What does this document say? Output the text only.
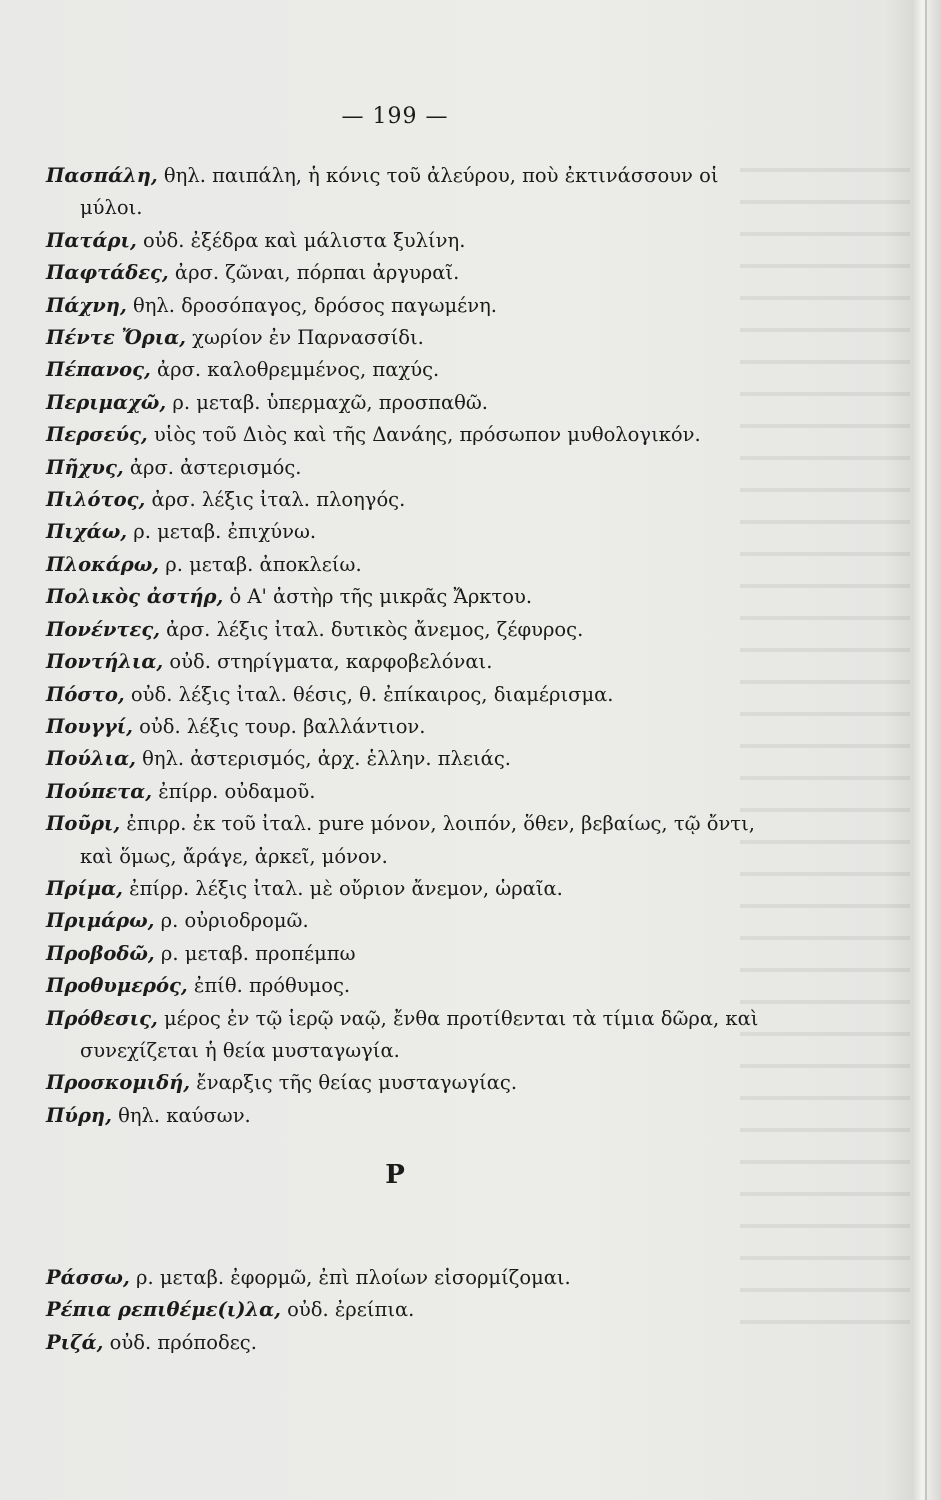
— 199 —

Πασπάλη, θηλ. παιπάλη, ἡ κόνις τοῦ ἀλεύρου, ποὺ ἐκτινάσσουν οἱ μύλοι.

Πατάρι, οὐδ. ἐξέδρα καὶ μάλιστα ξυλίνη.

Παφτάδες, ἀρσ. ζῶναι, πόρπαι ἀργυραῖ.

Πάχνη, θηλ. δροσόπαγος, δρόσος παγωμένη.

Πέντε Ὄρια, χωρίον ἐν Παρνασσίδι.

Πέπανος, ἀρσ. καλοθρεμμένος, παχύς.

Περιμαχῶ, ρ. μεταβ. ὑπερμαχῶ, προσπαθῶ.

Περσεύς, υἱὸς τοῦ Διὸς καὶ τῆς Δανάης, πρόσωπον μυθολογικόν.

Πῆχυς, ἀρσ. ἀστερισμός.

Πιλότος, ἀρσ. λέξις ἰταλ. πλοηγός.

Πιχάω, ρ. μεταβ. ἐπιχύνω.

Πλοκάρω, ρ. μεταβ. ἀποκλείω.

Πολικὸς ἀστήρ, ὁ Α' ἀστὴρ τῆς μικρᾶς Ἄρκτου.

Πονέντες, ἀρσ. λέξις ἰταλ. δυτικὸς ἄνεμος, ζέφυρος.

Ποντήλια, οὐδ. στηρίγματα, καρφοβελόναι.

Πόστο, οὐδ. λέξις ἰταλ. θέσις, θ. ἐπίκαιρος, διαμέρισμα.

Πουγγί, οὐδ. λέξις τουρ. βαλλάντιον.

Πούλια, θηλ. ἀστερισμός, ἀρχ. ἑλλην. πλειάς.

Πούπετα, ἐπίρρ. οὐδαμοῦ.

Ποῦρι, ἐπιρρ. ἐκ τοῦ ἰταλ. pure μόνον, λοιπόν, ὅθεν, βεβαίως, τῷ ὄντι, καὶ ὅμως, ἄράγε, ἀρκεῖ, μόνον.

Πρίμα, ἐπίρρ. λέξις ἰταλ. μὲ οὔριον ἄνεμον, ὡραῖα.

Πριμάρω, ρ. οὐριοδρομῶ.

Προβοδῶ, ρ. μεταβ. προπέμπω

Προθυμερός, ἐπίθ. πρόθυμος.

Πρόθεσις, μέρος ἐν τῷ ἱερῷ ναῷ, ἔνθα προτίθενται τὰ τίμια δῶρα, καὶ συνεχίζεται ἡ θεία μυσταγωγία.

Προσκομιδή, ἔναρξις τῆς θείας μυσταγωγίας.

Πύρη, θηλ. καύσων.

Ρ

Ράσσω, ρ. μεταβ. ἐφορμῶ, ἐπὶ πλοίων εἰσορμίζομαι.

Ρέπια ρεπιθέμε(ι)λα, οὐδ. ἐρείπια.

Ριζά, οὐδ. πρόποδες.
